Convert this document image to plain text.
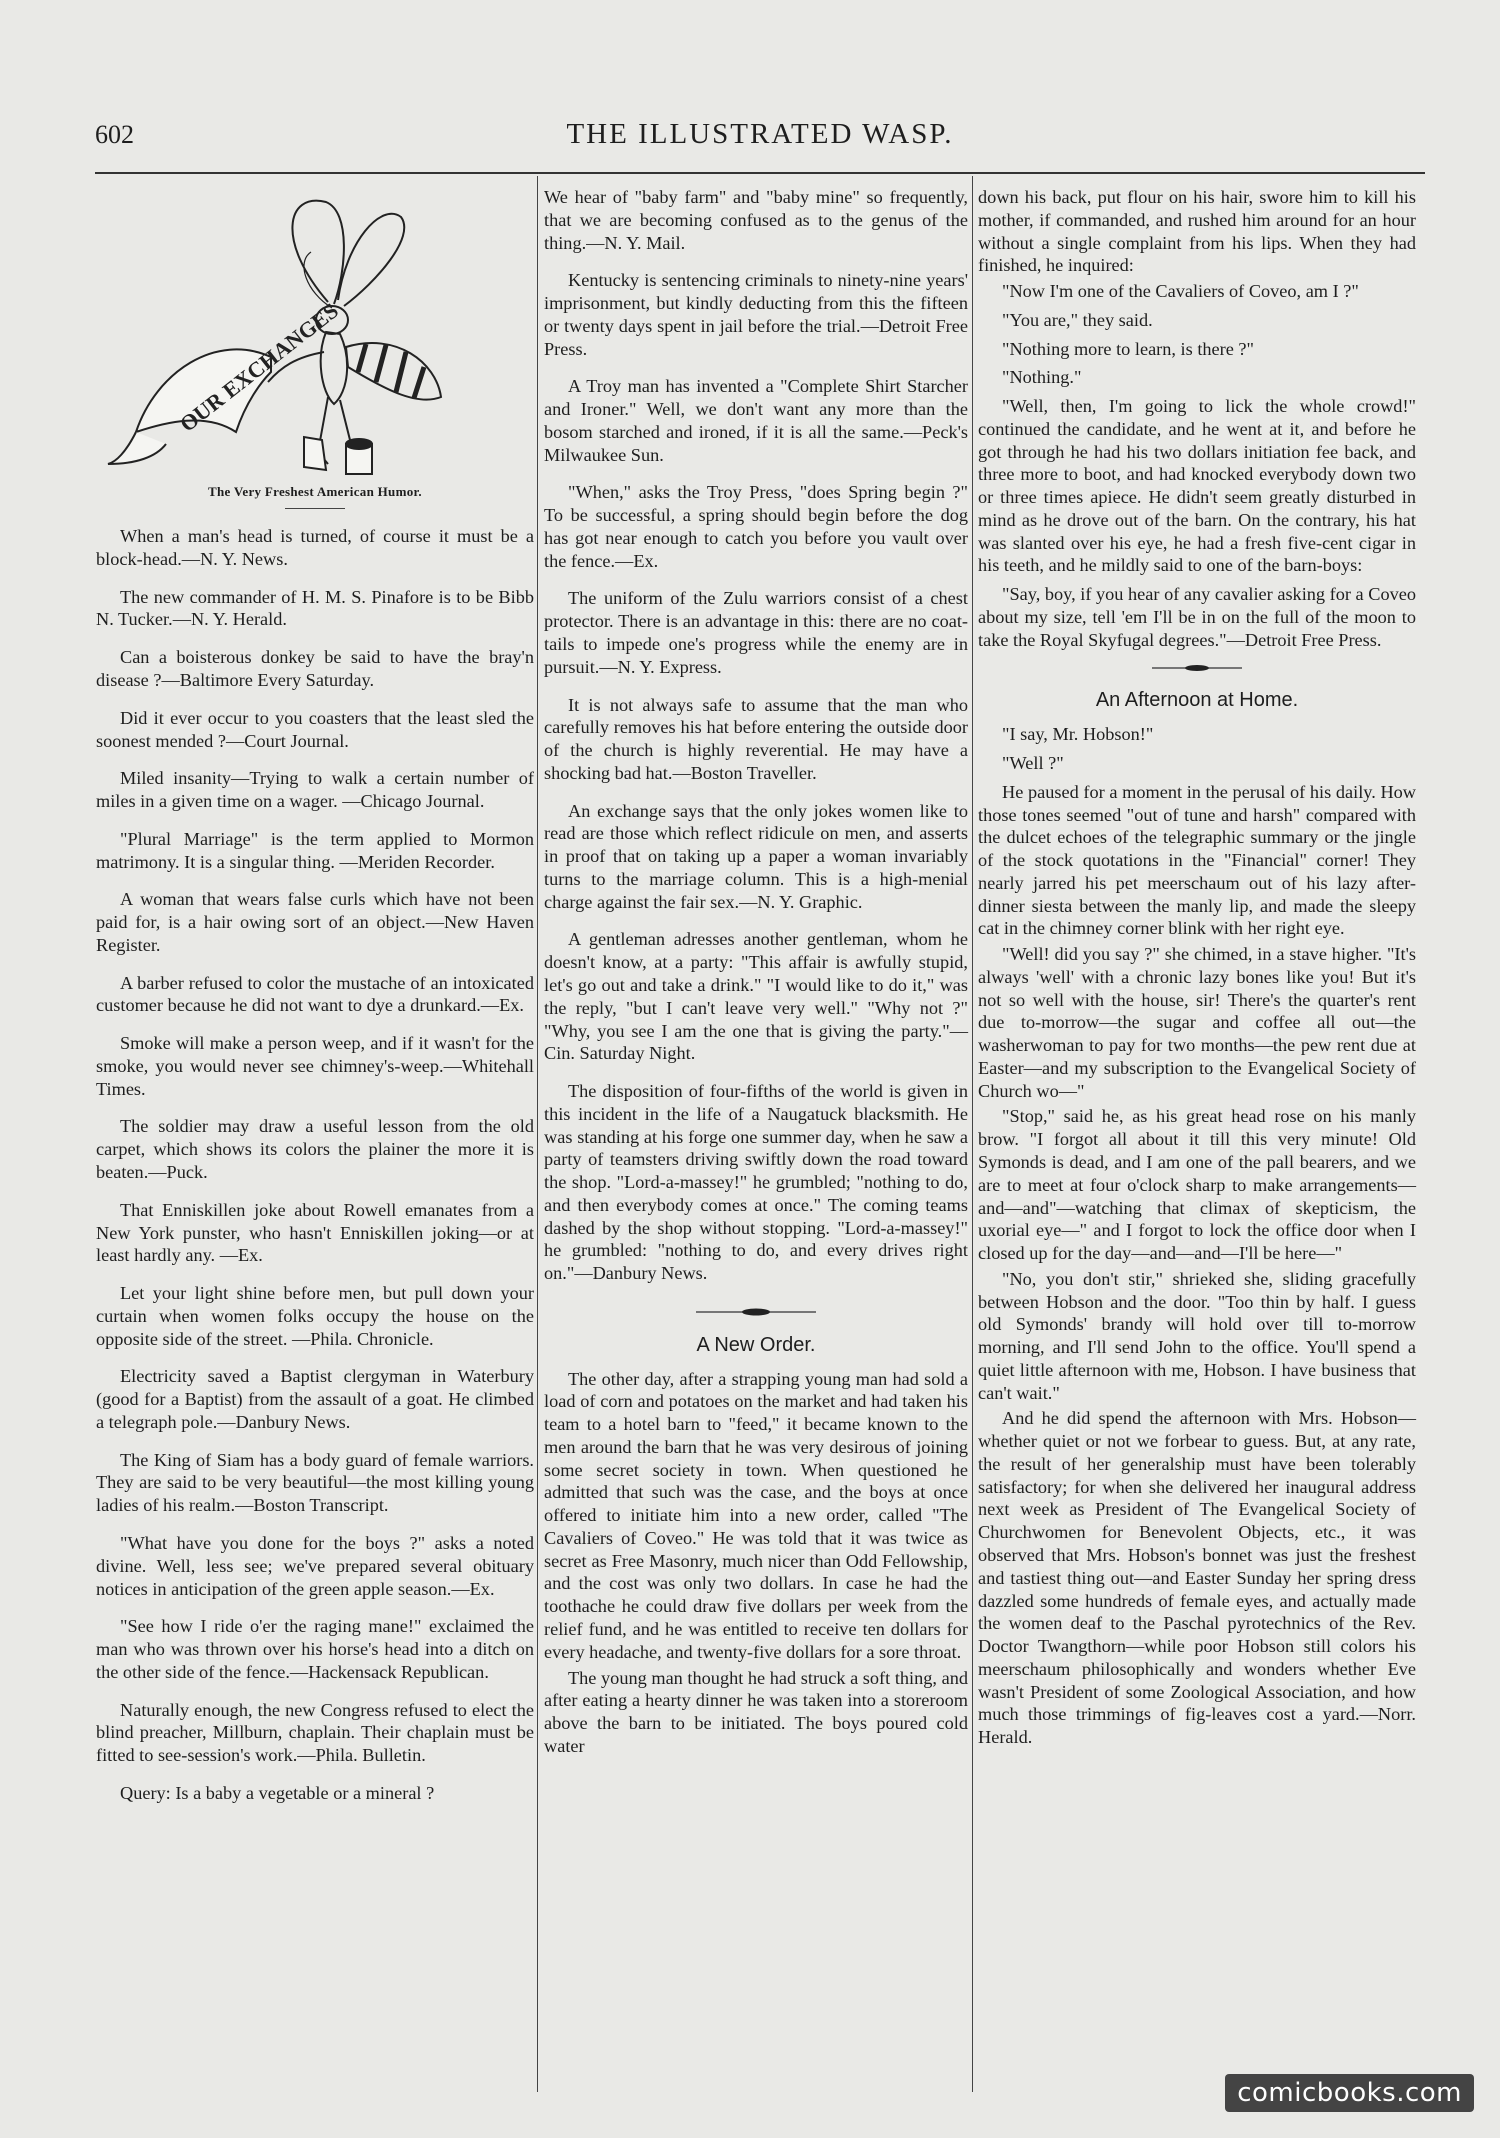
602	THE ILLUSTRATED WASP.
OUR EXCHANGES
The Very Freshest American Humor.

When a man's head is turned, of course it must be a block-head.—N. Y. News.

The new commander of H. M. S. Pinafore is to be Bibb N. Tucker.—N. Y. Herald.

Can a boisterous donkey be said to have the bray'n disease ?—Baltimore Every Saturday.

Did it ever occur to you coasters that the least sled the soonest mended ?—Court Journal.

Miled insanity—Trying to walk a certain number of miles in a given time on a wager. —Chicago Journal.

"Plural Marriage" is the term applied to Mormon matrimony. It is a singular thing. —Meriden Recorder.

A woman that wears false curls which have not been paid for, is a hair owing sort of an object.—New Haven Register.

A barber refused to color the mustache of an intoxicated customer because he did not want to dye a drunkard.—Ex.

Smoke will make a person weep, and if it wasn't for the smoke, you would never see chimney's-weep.—Whitehall Times.

The soldier may draw a useful lesson from the old carpet, which shows its colors the plainer the more it is beaten.—Puck.

That Enniskillen joke about Rowell emanates from a New York punster, who hasn't Enniskillen joking—or at least hardly any. —Ex.

Let your light shine before men, but pull down your curtain when women folks occupy the house on the opposite side of the street. —Phila. Chronicle.

Electricity saved a Baptist clergyman in Waterbury (good for a Baptist) from the assault of a goat. He climbed a telegraph pole.—Danbury News.

The King of Siam has a body guard of female warriors. They are said to be very beautiful—the most killing young ladies of his realm.—Boston Transcript.

"What have you done for the boys ?" asks a noted divine. Well, less see; we've prepared several obituary notices in anticipation of the green apple season.—Ex.

"See how I ride o'er the raging mane!" exclaimed the man who was thrown over his horse's head into a ditch on the other side of the fence.—Hackensack Republican.

Naturally enough, the new Congress refused to elect the blind preacher, Millburn, chaplain. Their chaplain must be fitted to see-session's work.—Phila. Bulletin.

Query: Is a baby a vegetable or a mineral ?

We hear of "baby farm" and "baby mine" so frequently, that we are becoming confused as to the genus of the thing.—N. Y. Mail.

Kentucky is sentencing criminals to ninety-nine years' imprisonment, but kindly deducting from this the fifteen or twenty days spent in jail before the trial.—Detroit Free Press.

A Troy man has invented a "Complete Shirt Starcher and Ironer." Well, we don't want any more than the bosom starched and ironed, if it is all the same.—Peck's Milwaukee Sun.

"When," asks the Troy Press, "does Spring begin ?" To be successful, a spring should begin before the dog has got near enough to catch you before you vault over the fence.—Ex.

The uniform of the Zulu warriors consist of a chest protector. There is an advantage in this: there are no coat-tails to impede one's progress while the enemy are in pursuit.—N. Y. Express.

It is not always safe to assume that the man who carefully removes his hat before entering the outside door of the church is highly reverential. He may have a shocking bad hat.—Boston Traveller.

An exchange says that the only jokes women like to read are those which reflect ridicule on men, and asserts in proof that on taking up a paper a woman invariably turns to the marriage column. This is a high-menial charge against the fair sex.—N. Y. Graphic.

A gentleman adresses another gentleman, whom he doesn't know, at a party: "This affair is awfully stupid, let's go out and take a drink." "I would like to do it," was the reply, "but I can't leave very well." "Why not ?" "Why, you see I am the one that is giving the party."—Cin. Saturday Night.

The disposition of four-fifths of the world is given in this incident in the life of a Naugatuck blacksmith. He was standing at his forge one summer day, when he saw a party of teamsters driving swiftly down the road toward the shop. "Lord-a-massey!" he grumbled; "nothing to do, and then everybody comes at once." The coming teams dashed by the shop without stopping. "Lord-a-massey!" he grumbled: "nothing to do, and every drives right on."—Danbury News.

A New Order.

The other day, after a strapping young man had sold a load of corn and potatoes on the market and had taken his team to a hotel barn to "feed," it became known to the men around the barn that he was very desirous of joining some secret society in town. When questioned he admitted that such was the case, and the boys at once offered to initiate him into a new order, called "The Cavaliers of Coveo." He was told that it was twice as secret as Free Masonry, much nicer than Odd Fellowship, and the cost was only two dollars. In case he had the toothache he could draw five dollars per week from the relief fund, and he was entitled to receive ten dollars for every headache, and twenty-five dollars for a sore throat.

The young man thought he had struck a soft thing, and after eating a hearty dinner he was taken into a storeroom above the barn to be initiated. The boys poured cold water

down his back, put flour on his hair, swore him to kill his mother, if commanded, and rushed him around for an hour without a single complaint from his lips. When they had finished, he inquired:

"Now I'm one of the Cavaliers of Coveo, am I ?"

"You are," they said.

"Nothing more to learn, is there ?"

"Nothing."

"Well, then, I'm going to lick the whole crowd!" continued the candidate, and he went at it, and before he got through he had his two dollars initiation fee back, and three more to boot, and had knocked everybody down two or three times apiece. He didn't seem greatly disturbed in mind as he drove out of the barn. On the contrary, his hat was slanted over his eye, he had a fresh five-cent cigar in his teeth, and he mildly said to one of the barn-boys:

"Say, boy, if you hear of any cavalier asking for a Coveo about my size, tell 'em I'll be in on the full of the moon to take the Royal Skyfugal degrees."—Detroit Free Press.

An Afternoon at Home.

"I say, Mr. Hobson!"

"Well ?"

He paused for a moment in the perusal of his daily. How those tones seemed "out of tune and harsh" compared with the dulcet echoes of the telegraphic summary or the jingle of the stock quotations in the "Financial" corner! They nearly jarred his pet meerschaum out of his lazy after-dinner siesta between the manly lip, and made the sleepy cat in the chimney corner blink with her right eye.

"Well! did you say ?" she chimed, in a stave higher. "It's always 'well' with a chronic lazy bones like you! But it's not so well with the house, sir! There's the quarter's rent due to-morrow—the sugar and coffee all out—the washerwoman to pay for two months—the pew rent due at Easter—and my subscription to the Evangelical Society of Church wo—"

"Stop," said he, as his great head rose on his manly brow. "I forgot all about it till this very minute! Old Symonds is dead, and I am one of the pall bearers, and we are to meet at four o'clock sharp to make arrangements—and—and"—watching that climax of skepticism, the uxorial eye—" and I forgot to lock the office door when I closed up for the day—and—and—I'll be here—"

"No, you don't stir," shrieked she, sliding gracefully between Hobson and the door. "Too thin by half. I guess old Symonds' brandy will hold over till to-morrow morning, and I'll send John to the office. You'll spend a quiet little afternoon with me, Hobson. I have business that can't wait."

And he did spend the afternoon with Mrs. Hobson—whether quiet or not we forbear to guess. But, at any rate, the result of her generalship must have been tolerably satisfactory; for when she delivered her inaugural address next week as President of The Evangelical Society of Churchwomen for Benevolent Objects, etc., it was observed that Mrs. Hobson's bonnet was just the freshest and tastiest thing out—and Easter Sunday her spring dress dazzled some hundreds of female eyes, and actually made the women deaf to the Paschal pyrotechnics of the Rev. Doctor Twangthorn—while poor Hobson still colors his meerschaum philosophically and wonders whether Eve wasn't President of some Zoological Association, and how much those trimmings of fig-leaves cost a yard.—Norr. Herald.

comicbooks.com
